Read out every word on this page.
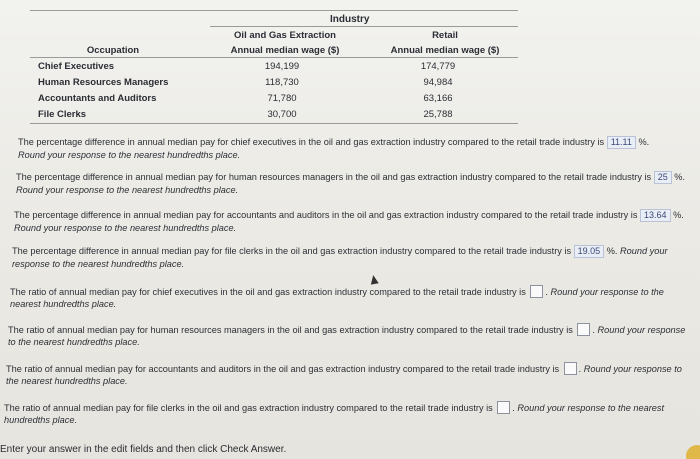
Industry
Oil and Gas Extraction	Retail
Occupation	Annual median wage ($)	Annual median wage ($)
Chief Executives	194,199	174,779
Human Resources Managers	118,730	94,984
Accountants and Auditors	71,780	63,166
File Clerks	30,700	25,788
The percentage difference in annual median pay for chief executives in the oil and gas extraction industry compared to the retail trade industry is 11.11 %.
Round your response to the nearest hundredths place.
The percentage difference in annual median pay for human resources managers in the oil and gas extraction industry compared to the retail trade industry is 25 %. Round your response to the nearest hundredths place.
The percentage difference in annual median pay for accountants and auditors in the oil and gas extraction industry compared to the retail trade industry is 13.64 %. Round your response to the nearest hundredths place.
The percentage difference in annual median pay for file clerks in the oil and gas extraction industry compared to the retail trade industry is 19.05 %. Round your response to the nearest hundredths place.
The ratio of annual median pay for chief executives in the oil and gas extraction industry compared to the retail trade industry is . Round your response to the nearest hundredths place.
The ratio of annual median pay for human resources managers in the oil and gas extraction industry compared to the retail trade industry is . Round your response to the nearest hundredths place.
The ratio of annual median pay for accountants and auditors in the oil and gas extraction industry compared to the retail trade industry is . Round your response to the nearest hundredths place.
The ratio of annual median pay for file clerks in the oil and gas extraction industry compared to the retail trade industry is . Round your response to the nearest hundredths place.
Enter your answer in the edit fields and then click Check Answer.
